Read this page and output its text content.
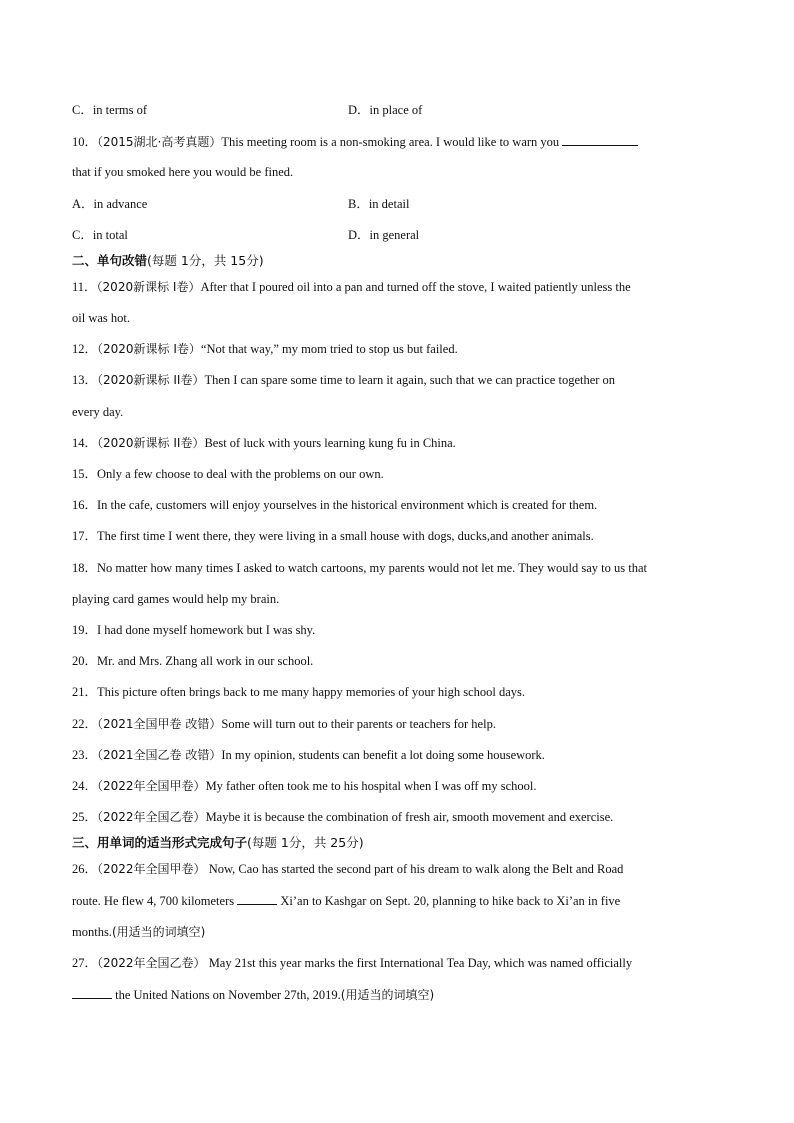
C．in terms of	D．in place of
10．（2015湖北·高考真题）This meeting room is a non-smoking area. I would like to warn you
that if you smoked here you would be fined.
A．in advance	B．in detail
C．in total	D．in general
二、单句改错(每题 1分，共 15分)
11．（2020新课标 I卷）After that I poured oil into a pan and turned off the stove, I waited patiently unless the
oil was hot.
12．（2020新课标 I卷）“Not that way,” my mom tried to stop us but failed.
13．（2020新课标 II卷）Then I can spare some time to learn it again, such that we can practice together on
every day.
14．（2020新课标 II卷）Best of luck with yours learning kung fu in China.
15．Only a few choose to deal with the problems on our own.
16．In the cafe, customers will enjoy yourselves in the historical environment which is created for them.
17．The first time I went there, they were living in a small house with dogs, ducks,and another animals.
18．No matter how many times I asked to watch cartoons, my parents would not let me. They would say to us that
playing card games would help my brain.
19．I had done myself homework but I was shy.
20．Mr. and Mrs. Zhang all work in our school.
21．This picture often brings back to me many happy memories of your high school days.
22．（2021全国甲卷 改错）Some will turn out to their parents or teachers for help.
23．（2021全国乙卷 改错）In my opinion, students can benefit a lot doing some housework.
24．（2022年全国甲卷）My father often took me to his hospital when I was off my school.
25．（2022年全国乙卷）Maybe it is because the combination of fresh air, smooth movement and exercise.
三、用单词的适当形式完成句子(每题 1分，共 25分)
26．（2022年全国甲卷） Now, Cao has started the second part of his dream to walk along the Belt and Road
route. He flew 4, 700 kilometers	Xi’an to Kashgar on Sept. 20, planning to hike back to Xi’an in five
months.(用适当的词填空)
27．（2022年全国乙卷） May 21st this year marks the first International Tea Day, which was named officially
the United Nations on November 27th, 2019.(用适当的词填空)
